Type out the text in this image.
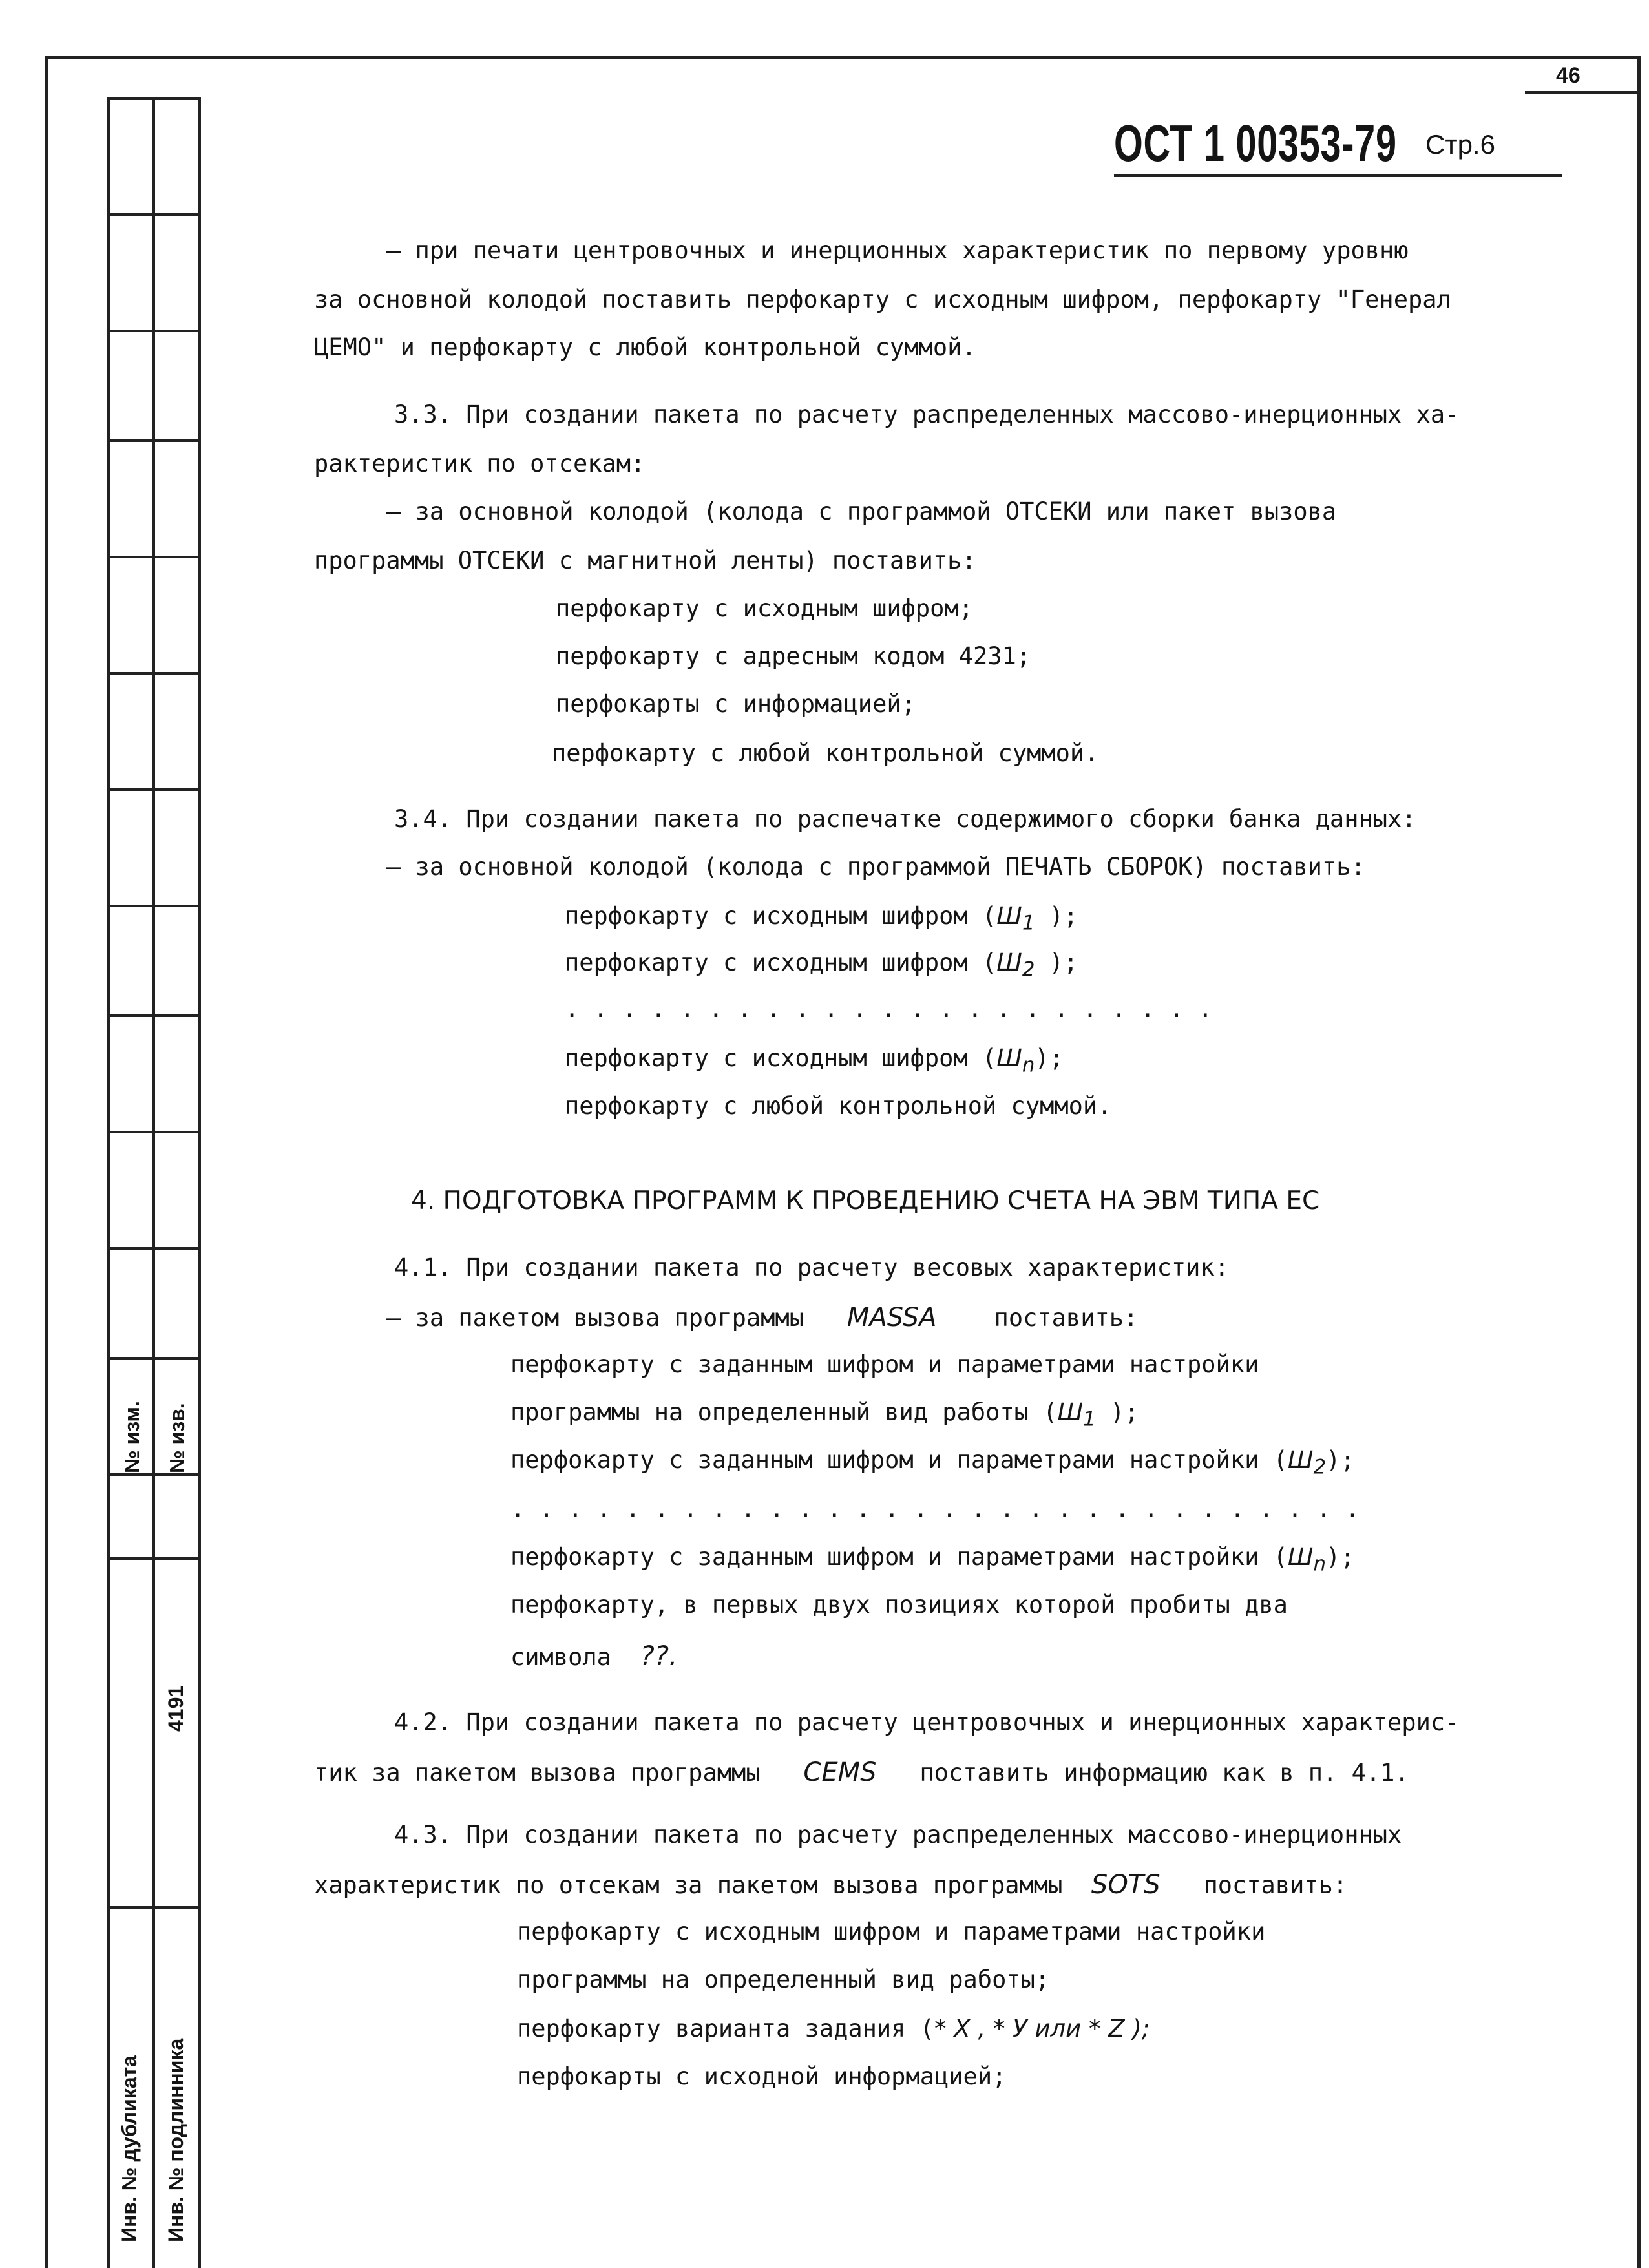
№ изм. № изв.
4191
Инв. № дубликата Инв. № подлинника
46
ОСТ 1 00353-79 Стр.6
– при печати центровочных и инерционных характеристик по первому уровню
за основной колодой поставить перфокарту с исходным шифром, перфокарту "Генерал
ЦЕМО" и перфокарту с любой контрольной суммой.
3.3. При создании пакета по расчету распределенных массово-инерционных ха-
рактеристик по отсекам:
– за основной колодой (колода с программой ОТСЕКИ или пакет вызова
программы ОТСЕКИ с магнитной ленты) поставить:
перфокарту с исходным шифром;
перфокарту с адресным кодом 4231;
перфокарты с информацией;
перфокарту с любой контрольной суммой.
3.4. При создании пакета по распечатке содержимого сборки банка данных:
– за основной колодой (колода с программой ПЕЧАТЬ СБОРОК) поставить:
перфокарту с исходным шифром ($Ш_1$ );
перфокарту с исходным шифром ($Ш_2$ );
. . . . . . . . . . . . . . . . . . . . . . .
перфокарту с исходным шифром $(Ш_n)$;
перфокарту с любой контрольной суммой.
4. ПОДГОТОВКА ПРОГРАММ К ПРОВЕДЕНИЮ СЧЕТА НА ЭВМ ТИПА ЕС
4.1. При создании пакета по расчету весовых характеристик:
– за пакетом вызова программы MASSA поставить:
перфокарту с заданным шифром и параметрами настройки
программы на определенный вид работы ($Ш_1$ );
перфокарту с заданным шифром и параметрами настройки $(Ш_2)$;
. . . . . . . . . . . . . . . . . . . . . . . . . . . . . .
перфокарту с заданным шифром и параметрами настройки $(Ш_n)$;
перфокарту, в первых двух позициях которой пробиты два
символа ??.
4.2. При создании пакета по расчету центровочных и инерционных характерис-
тик за пакетом вызова программы CEMS поставить информацию как в п. 4.1.
4.3. При создании пакета по расчету распределенных массово-инерционных
характеристик по отсекам за пакетом вызова программы SOTS поставить:
перфокарту с исходным шифром и параметрами настройки
программы на определенный вид работы;
перфокарту варианта задания (* X , * У или * Z );
перфокарты с исходной информацией;
